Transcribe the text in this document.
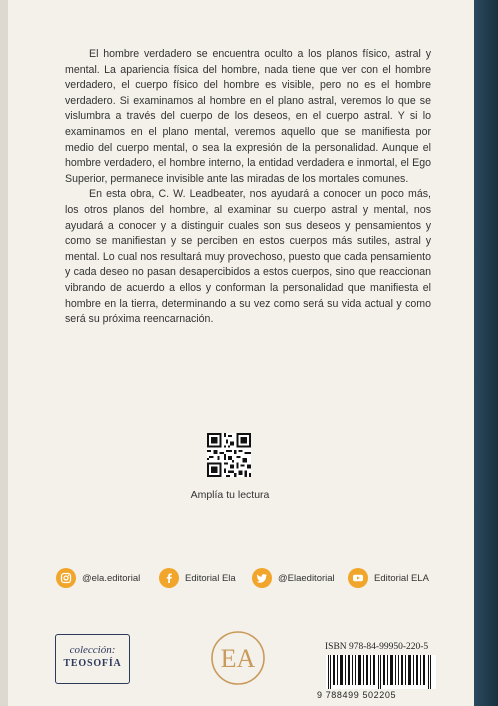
El hombre verdadero se encuentra oculto a los planos físico, astral y mental. La apariencia física del hombre, nada tiene que ver con el hombre verdadero, el cuerpo físico del hombre es visible, pero no es el hombre verdadero. Si examinamos al hombre en el plano astral, veremos lo que se vislumbra a través del cuerpo de los deseos, en el cuerpo astral. Y si lo examinamos en el plano mental, veremos aquello que se manifiesta por medio del cuerpo mental, o sea la expresión de la personalidad. Aunque el hombre verdadero, el hombre interno, la entidad verdadera e inmortal, el Ego Superior, permanece invisible ante las miradas de los mortales comunes.

En esta obra, C. W. Leadbeater, nos ayudará a conocer un poco más, los otros planos del hombre, al examinar su cuerpo astral y mental, nos ayudará a conocer y a distinguir cuales son sus deseos y pensamientos y como se manifiestan y se perciben en estos cuerpos más sutiles, astral y mental. Lo cual nos resultará muy provechoso, puesto que cada pensamiento y cada deseo no pasan desapercibidos a estos cuerpos, sino que reaccionan vibrando de acuerdo a ellos y conforman la personalidad que manifiesta el hombre en la tierra, determinando a su vez como será su vida actual y como será su próxima reencarnación.

Amplía tu lectura
@ela.editorial	Editorial Ela	@Elaeditorial	Editorial ELA
colección:
TEOSOFÍA	EA	ISBN 978-84-99950-220-5
9 788499 502205
